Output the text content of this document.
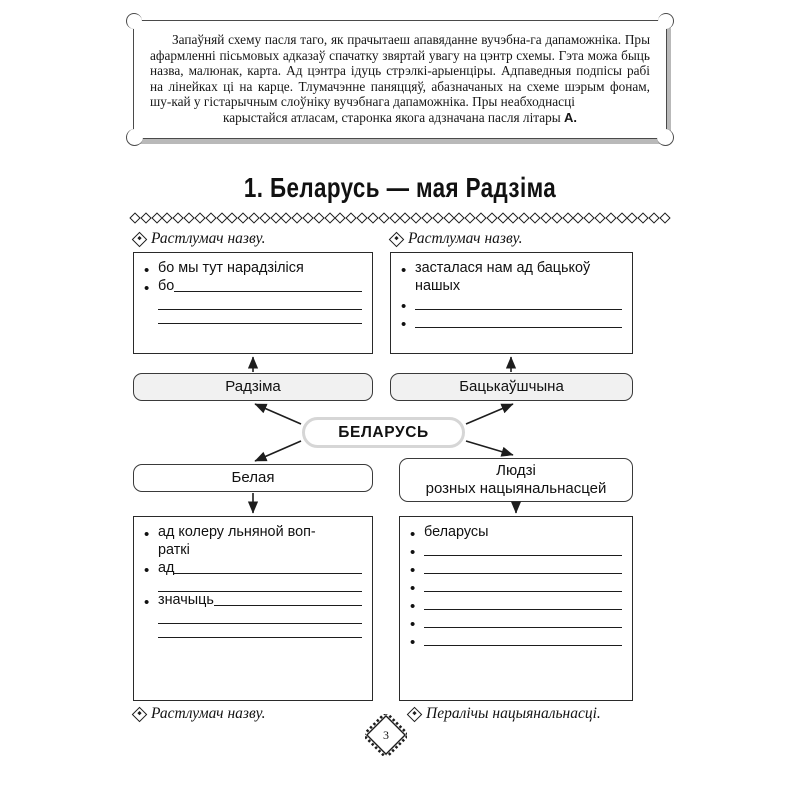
Запаўняй схему пасля таго, як прачытаеш апавяданне вучэбна-га дапаможніка. Пры афармленні пісьмовых адказаў спачатку звяртай увагу на цэнтр схемы. Гэта можа быць назва, малюнак, карта. Ад цэнтра ідуць стрэлкі-арыенціры. Адпаведныя подпісы рабі на лінейках ці на карце. Тлумачэнне паняццяў, абазначаных на схеме шэрым фонам, шу-кай у гістарычным слоўніку вучэбнага дапаможніка. Пры неабходнасці
карыстайся атласам, старонка якога адзначана пасля літары А.
1. Беларусь — мая Радзіма
Растлумач назву.	Растлумач назву.
Растлумач назву.	Пералічы нацыянальнасці.
• бо мы тут нарадзіліся
• бо
• засталася нам ад бацькоў
нашых
•
•
• ад колеру льняной воп-
раткі
• ад
• значыць
• беларусы
•
•
•
•
•
•
Радзіма	Бацькаўшчына
БЕЛАРУСЬ
Белая	Людзі
розных нацыянальнасцей
3
